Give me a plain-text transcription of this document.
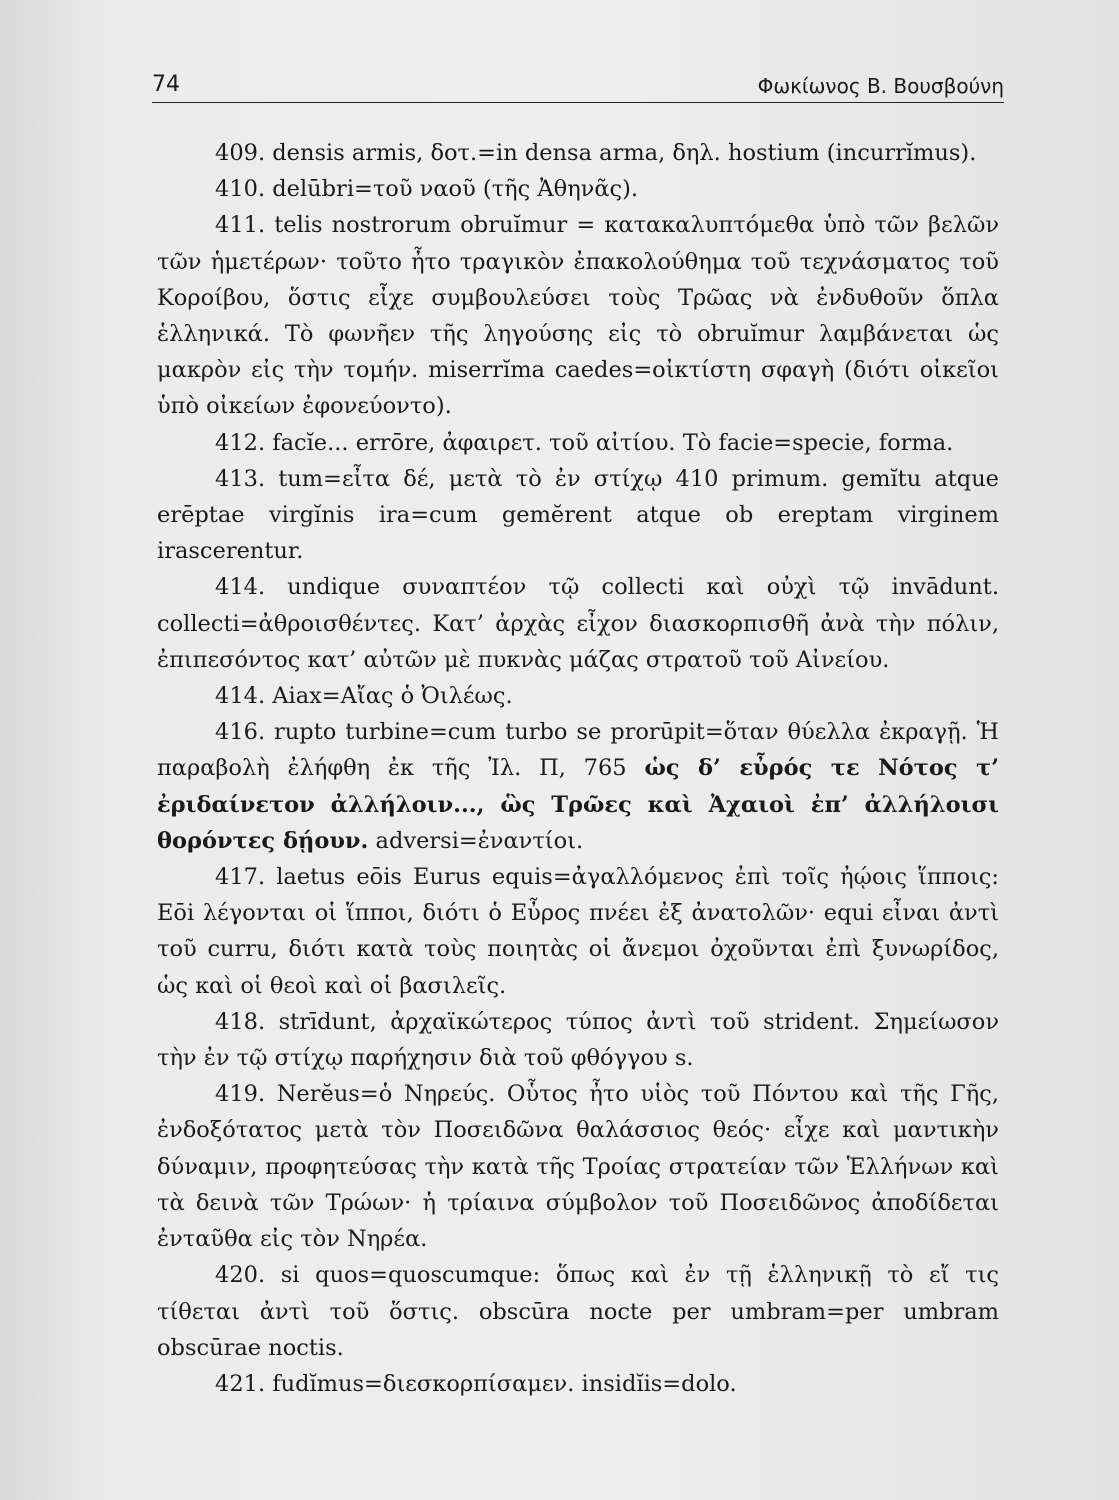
74	Φωκίωνος Β. Βουσβούνη

409. densis armis, δοτ.=in densa arma, δηλ. hostium (incurrĭmus).

410. delūbri=τοῦ ναοῦ (τῆς Ἀθηνᾶς).

411. telis nostrorum obruĭmur = κατακαλυπτόμεθα ὑπὸ τῶν βελῶν τῶν ἡμετέρων· τοῦτο ἦτο τραγικὸν ἐπακολούθημα τοῦ τεχνάσματος τοῦ Κοροίβου, ὅστις εἶχε συμβουλεύσει τοὺς Τρῶας νὰ ἐνδυθοῦν ὅπλα ἑλληνικά. Τὸ φωνῆεν τῆς ληγούσης εἰς τὸ obruĭmur λαμβάνεται ὡς μακρὸν εἰς τὴν τομήν. miserrĭma caedes=οἰκτίστη σφαγὴ (διότι οἰκεῖοι ὑπὸ οἰκείων ἐφονεύοντο).

412. facĭe... errōre, ἀφαιρετ. τοῦ αἰτίου. Τὸ facie=specie, forma.

413. tum=εἶτα δέ, μετὰ τὸ ἐν στίχῳ 410 primum. gemĭtu atque erēptae virgĭnis ira=cum gemĕrent atque ob ereptam virginem irascerentur.

414. undique συναπτέον τῷ collecti καὶ οὐχὶ τῷ invādunt. collecti=ἀθροισθέντες. Κατ’ ἀρχὰς εἶχον διασκορπισθῆ ἀνὰ τὴν πόλιν, ἐπιπεσόντος κατ’ αὐτῶν μὲ πυκνὰς μάζας στρατοῦ τοῦ Αἰνείου.

414. Aiax=Αἴας ὁ Ὀιλέως.

416. rupto turbine=cum turbo se prorūpit=ὅταν θύελλα ἐκραγῇ. Ἡ παραβολὴ ἐλήφθη ἐκ τῆς Ἰλ. Π, 765 ὡς δ’ εὖρός τε Νότος τ’ ἐριδαίνετον ἀλλήλοιν..., ὣς Τρῶες καὶ Ἀχαιοὶ ἐπ’ ἀλλήλοισι θορόντες δῄουν. adversi=ἐναντίοι.

417. laetus eōis Eurus equis=ἀγαλλόμενος ἐπὶ τοῖς ἠῴοις ἵπποις: Eōi λέγονται οἱ ἵπποι, διότι ὁ Εὖρος πνέει ἐξ ἀνατολῶν· equi εἶναι ἀντὶ τοῦ curru, διότι κατὰ τοὺς ποιητὰς οἱ ἄνεμοι ὀχοῦνται ἐπὶ ξυνωρίδος, ὡς καὶ οἱ θεοὶ καὶ οἱ βασιλεῖς.

418. strīdunt, ἀρχαϊκώτερος τύπος ἀντὶ τοῦ strident. Σημείωσον τὴν ἐν τῷ στίχῳ παρήχησιν διὰ τοῦ φθόγγου s.

419. Nerĕus=ὁ Νηρεύς. Οὗτος ἦτο υἱὸς τοῦ Πόντου καὶ τῆς Γῆς, ἐνδοξότατος μετὰ τὸν Ποσειδῶνα θαλάσσιος θεός· εἶχε καὶ μαντικὴν δύναμιν, προφητεύσας τὴν κατὰ τῆς Τροίας στρατείαν τῶν Ἑλλήνων καὶ τὰ δεινὰ τῶν Τρώων· ἡ τρίαινα σύμβολον τοῦ Ποσειδῶνος ἀποδίδεται ἐνταῦθα εἰς τὸν Νηρέα.

420. si quos=quoscumque: ὅπως καὶ ἐν τῇ ἑλληνικῇ τὸ εἴ τις τίθεται ἀντὶ τοῦ ὅστις. obscūra nocte per umbram=per umbram obscūrae noctis.

421. fudĭmus=διεσκορπίσαμεν. insidĭis=dolo.
